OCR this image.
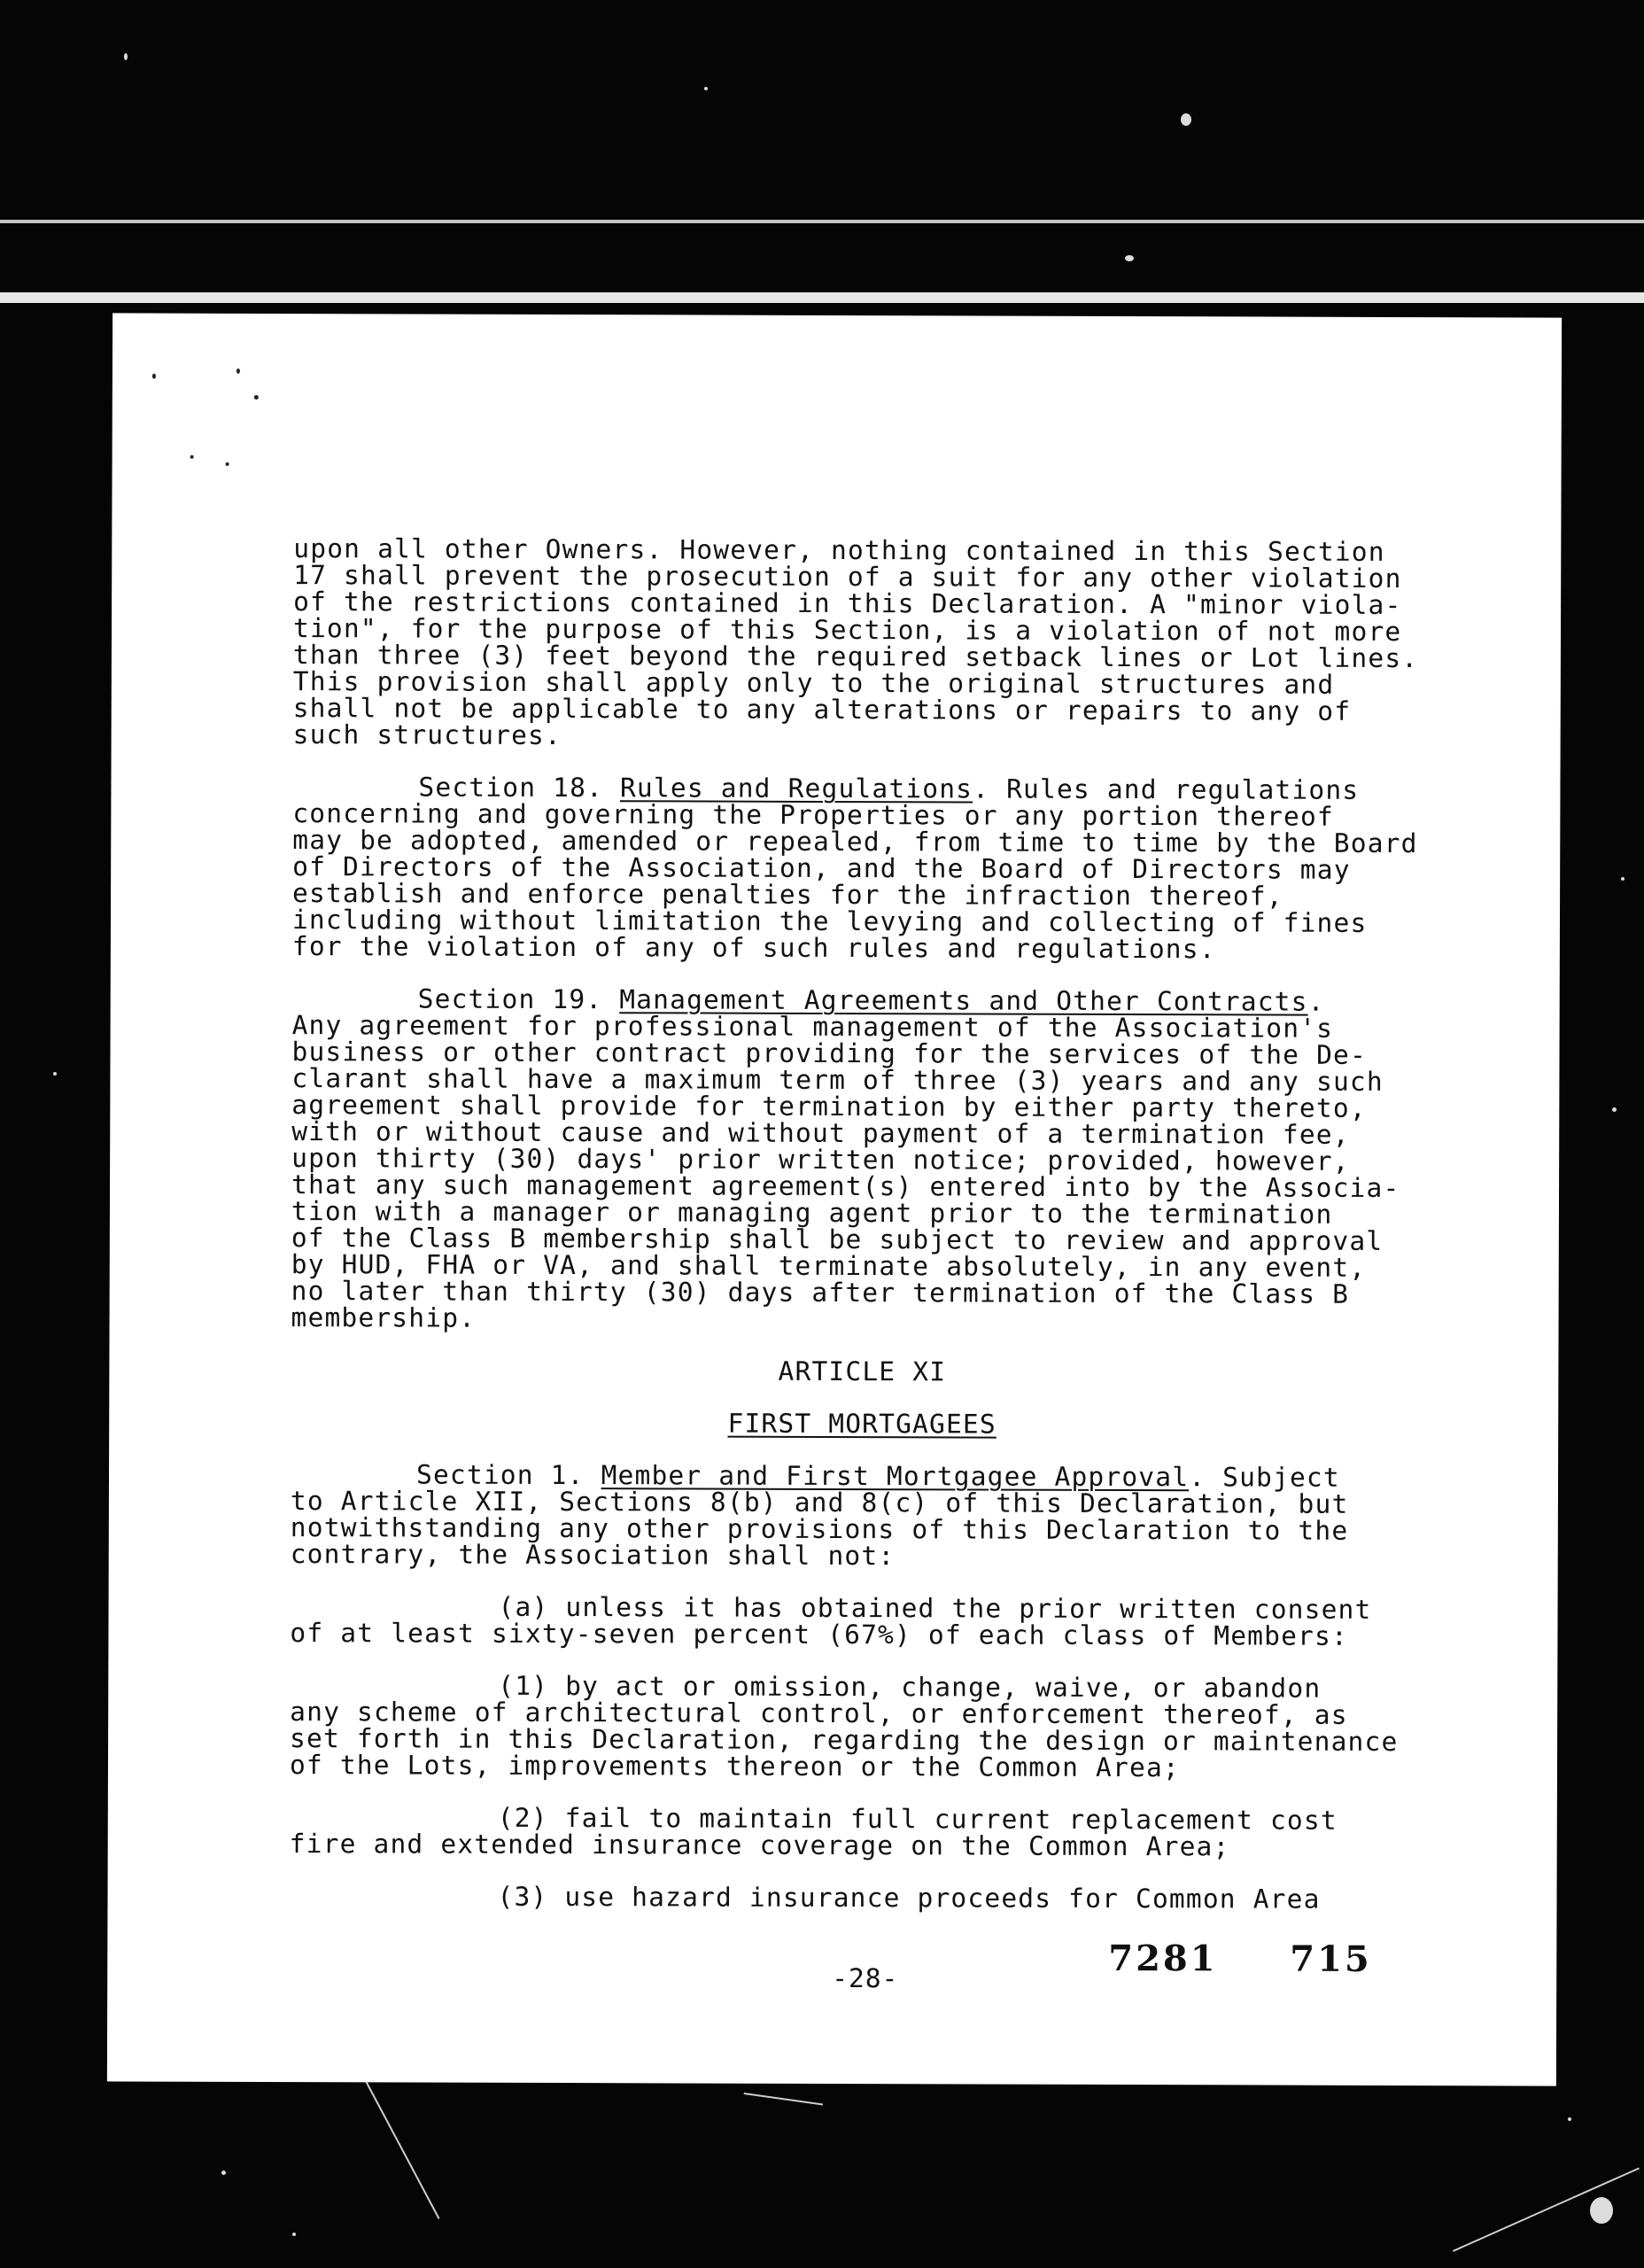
upon all other Owners. However, nothing contained in this Section
17 shall prevent the prosecution of a suit for any other violation
of the restrictions contained in this Declaration. A "minor viola-
tion", for the purpose of this Section, is a violation of not more
than three (3) feet beyond the required setback lines or Lot lines.
This provision shall apply only to the original structures and
shall not be applicable to any alterations or repairs to any of
such structures.

Section 18. Rules and Regulations. Rules and regulations
concerning and governing the Properties or any portion thereof
may be adopted, amended or repealed, from time to time by the Board
of Directors of the Association, and the Board of Directors may
establish and enforce penalties for the infraction thereof,
including without limitation the levying and collecting of fines
for the violation of any of such rules and regulations.

Section 19. Management Agreements and Other Contracts.
Any agreement for professional management of the Association's
business or other contract providing for the services of the De-
clarant shall have a maximum term of three (3) years and any such
agreement shall provide for termination by either party thereto,
with or without cause and without payment of a termination fee,
upon thirty (30) days' prior written notice; provided, however,
that any such management agreement(s) entered into by the Associa-
tion with a manager or managing agent prior to the termination
of the Class B membership shall be subject to review and approval
by HUD, FHA or VA, and shall terminate absolutely, in any event,
no later than thirty (30) days after termination of the Class B
membership.

ARTICLE XI

FIRST MORTGAGEES

Section 1. Member and First Mortgagee Approval. Subject
to Article XII, Sections 8(b) and 8(c) of this Declaration, but
notwithstanding any other provisions of this Declaration to the
contrary, the Association shall not:

(a) unless it has obtained the prior written consent
of at least sixty-seven percent (67%) of each class of Members:

(1) by act or omission, change, waive, or abandon
any scheme of architectural control, or enforcement thereof, as
set forth in this Declaration, regarding the design or maintenance
of the Lots, improvements thereon or the Common Area;

(2) fail to maintain full current replacement cost
fire and extended insurance coverage on the Common Area;

(3) use hazard insurance proceeds for Common Area

-28-	7281 715
